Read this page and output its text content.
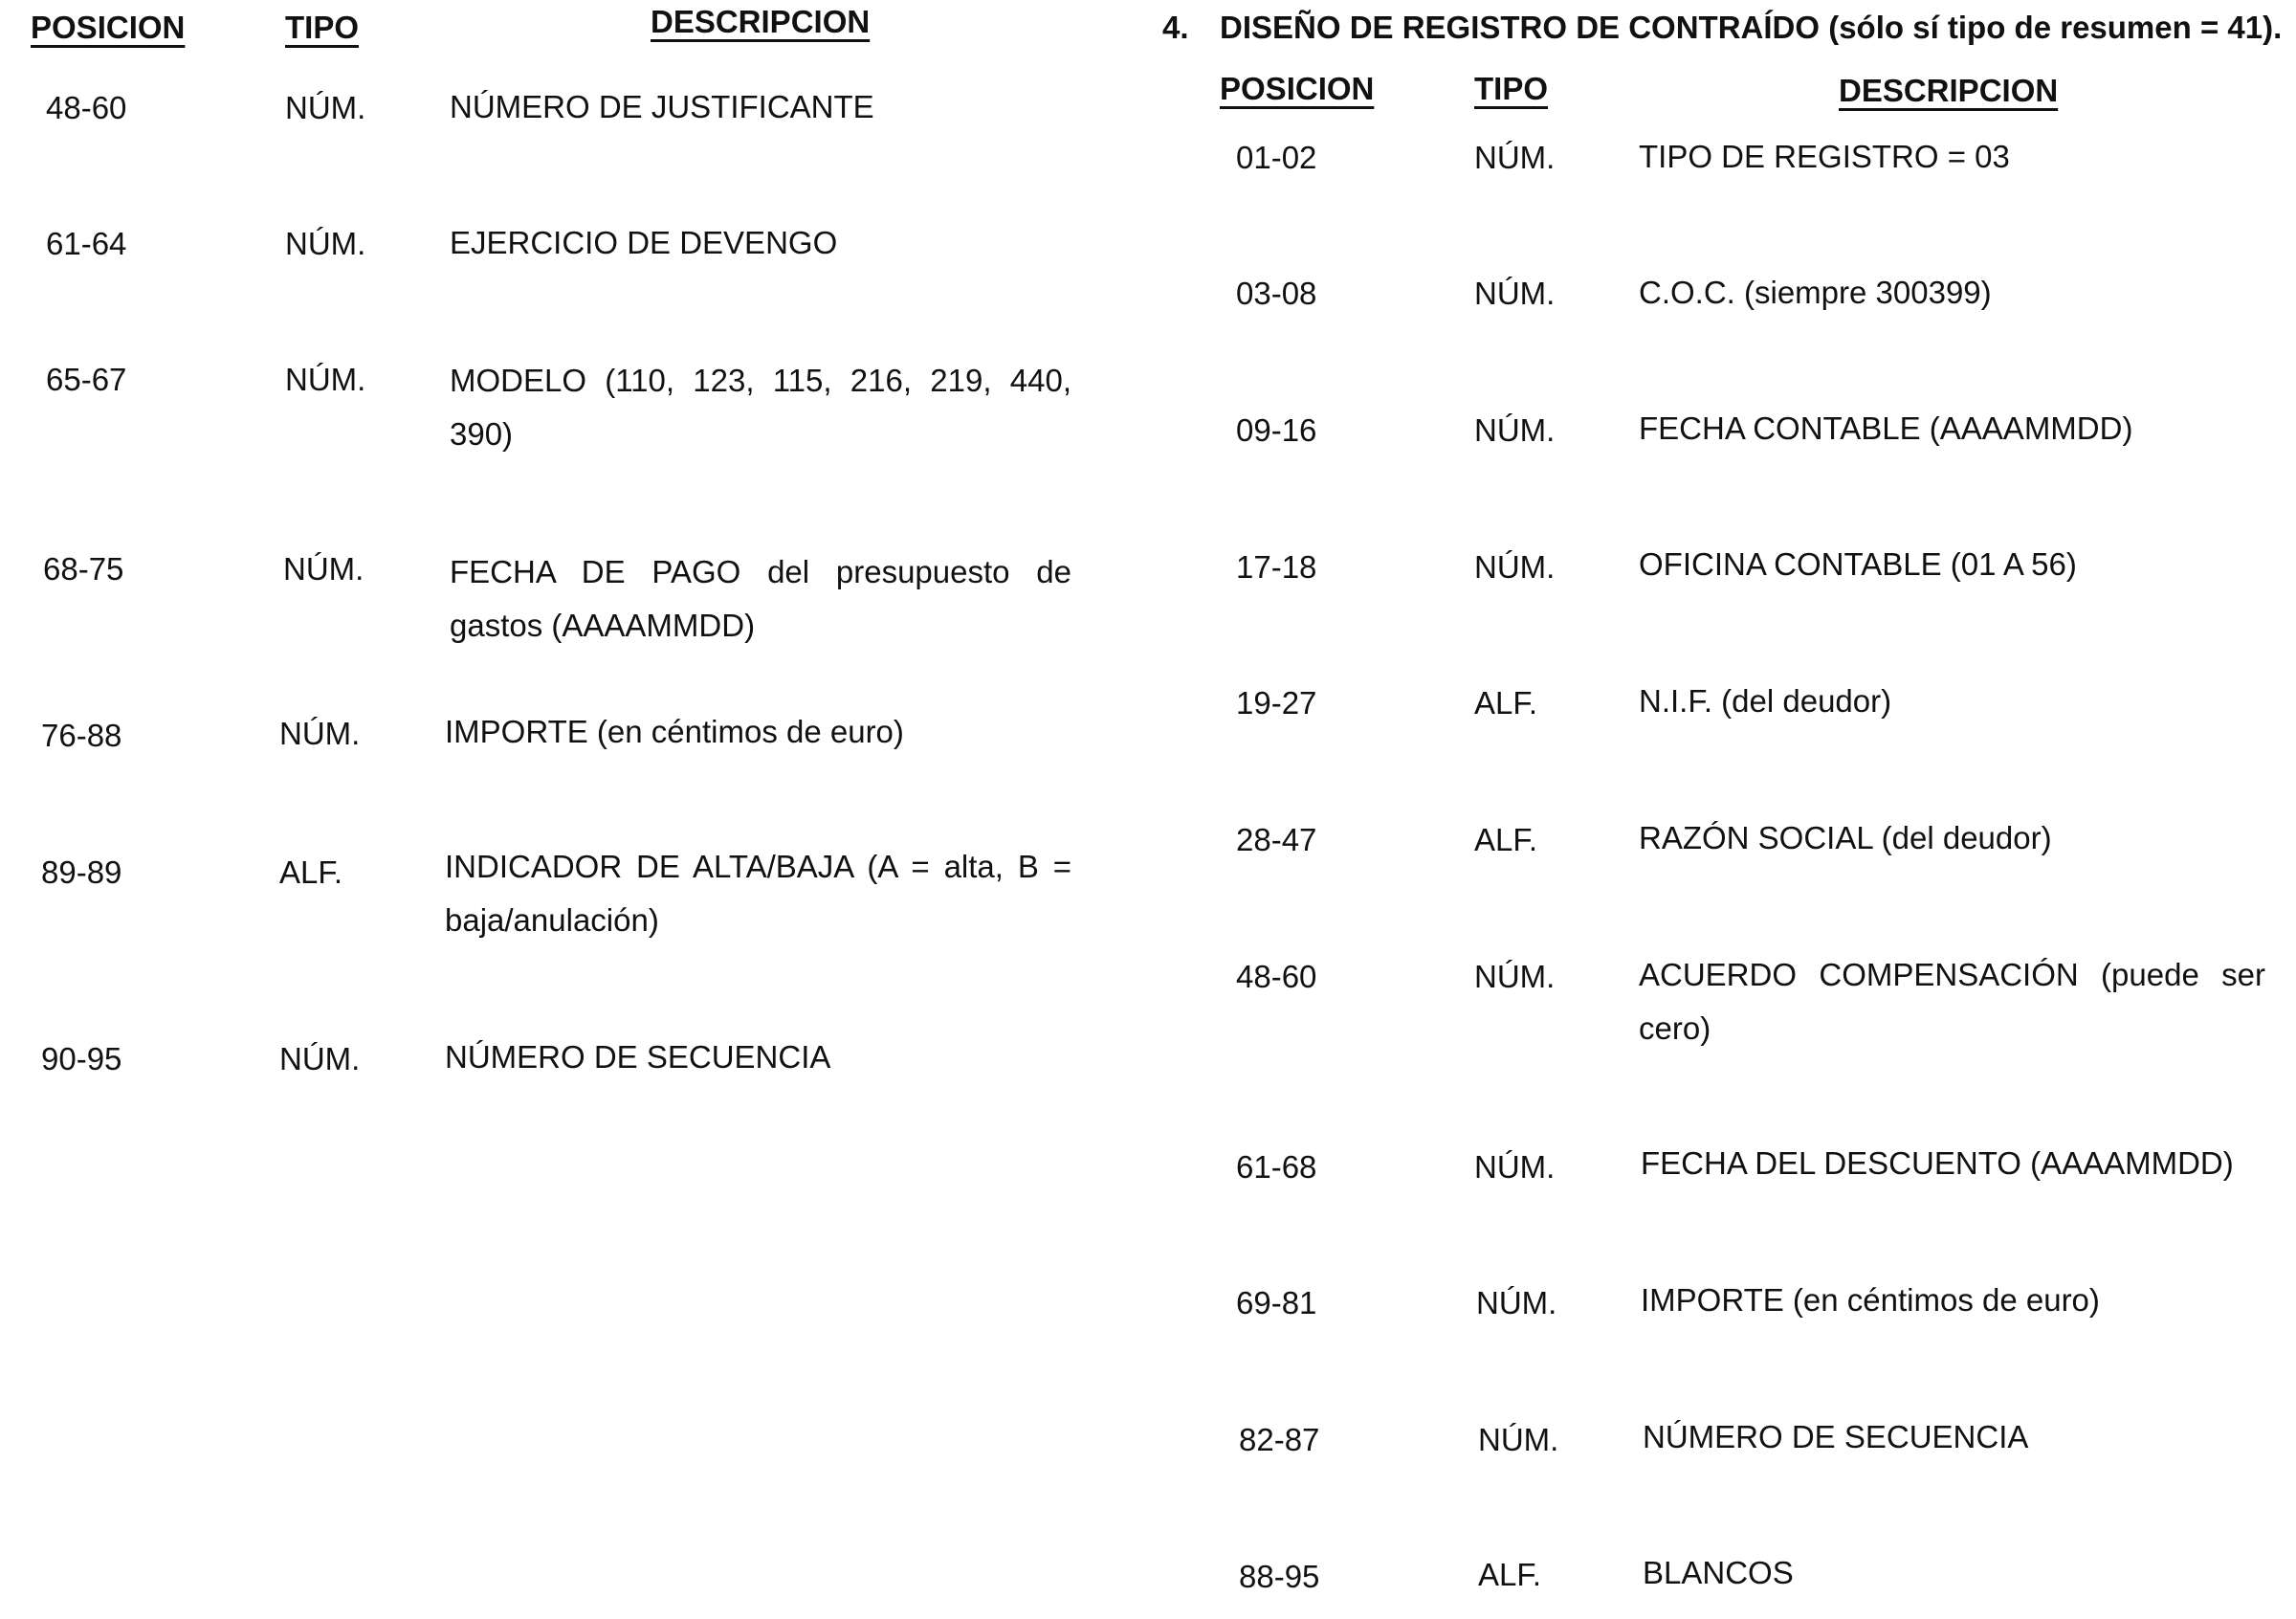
POSICION	TIPO	DESCRIPCION
48-60	NÚM.	NÚMERO DE JUSTIFICANTE
61-64	NÚM.	EJERCICIO DE DEVENGO
65-67	NÚM.	MODELO (110, 123, 115, 216, 219, 440, 390)
68-75	NÚM.	FECHA DE PAGO del presupuesto de gastos (AAAAMMDD)
76-88	NÚM.	IMPORTE (en céntimos de euro)
89-89	ALF.	INDICADOR DE ALTA/BAJA (A = alta, B = baja/anulación)
90-95	NÚM.	NÚMERO DE SECUENCIA
4. DISEÑO DE REGISTRO DE CONTRAÍDO (sólo sí tipo de resumen = 41).
POSICION	TIPO	DESCRIPCION
01-02	NÚM.	TIPO DE REGISTRO = 03
03-08	NÚM.	C.O.C. (siempre 300399)
09-16	NÚM.	FECHA CONTABLE (AAAAMMDD)
17-18	NÚM.	OFICINA CONTABLE (01 A 56)
19-27	ALF.	N.I.F. (del deudor)
28-47	ALF.	RAZÓN SOCIAL (del deudor)
48-60	NÚM.	ACUERDO COMPENSACIÓN (puede ser cero)
61-68	NÚM.	FECHA DEL DESCUENTO (AAAAMMDD)
69-81	NÚM.	IMPORTE (en céntimos de euro)
82-87	NÚM.	NÚMERO DE SECUENCIA
88-95	ALF.	BLANCOS
